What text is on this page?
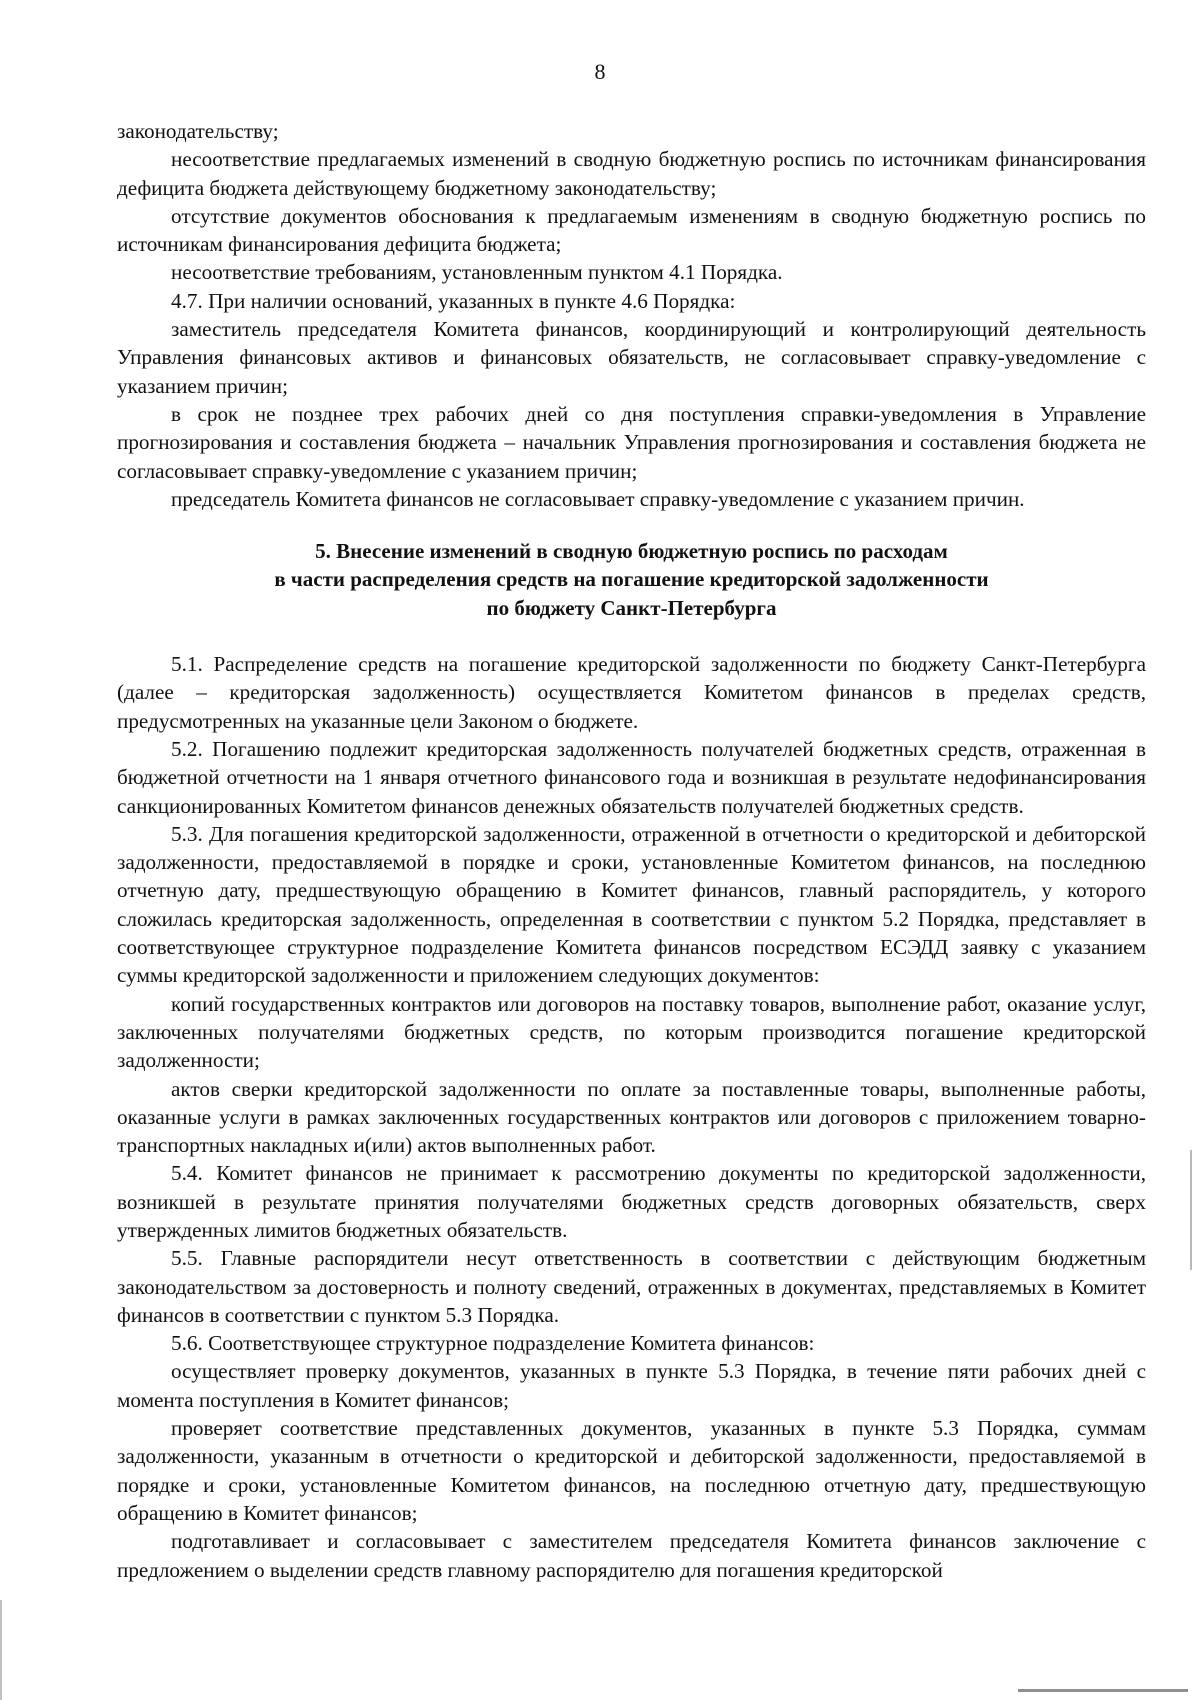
8

законодательству;

несоответствие предлагаемых изменений в сводную бюджетную роспись по источникам финансирования дефицита бюджета действующему бюджетному законодательству;

отсутствие документов обоснования к предлагаемым изменениям в сводную бюджетную роспись по источникам финансирования дефицита бюджета;

несоответствие требованиям, установленным пунктом 4.1 Порядка.

4.7. При наличии оснований, указанных в пункте 4.6 Порядка:

заместитель председателя Комитета финансов, координирующий и контролирующий деятельность Управления финансовых активов и финансовых обязательств, не согласовывает справку-уведомление с указанием причин;

в срок не позднее трех рабочих дней со дня поступления справки-уведомления в Управление прогнозирования и составления бюджета – начальник Управления прогнозирования и составления бюджета не согласовывает справку-уведомление с указанием причин;

председатель Комитета финансов не согласовывает справку-уведомление с указанием причин.

5. Внесение изменений в сводную бюджетную роспись по расходам
в части распределения средств на погашение кредиторской задолженности
по бюджету Санкт-Петербурга

5.1. Распределение средств на погашение кредиторской задолженности по бюджету Санкт-Петербурга (далее – кредиторская задолженность) осуществляется Комитетом финансов в пределах средств, предусмотренных на указанные цели Законом о бюджете.

5.2. Погашению подлежит кредиторская задолженность получателей бюджетных средств, отраженная в бюджетной отчетности на 1 января отчетного финансового года и возникшая в результате недофинансирования санкционированных Комитетом финансов денежных обязательств получателей бюджетных средств.

5.3. Для погашения кредиторской задолженности, отраженной в отчетности о кредиторской и дебиторской задолженности, предоставляемой в порядке и сроки, установленные Комитетом финансов, на последнюю отчетную дату, предшествующую обращению в Комитет финансов, главный распорядитель, у которого сложилась кредиторская задолженность, определенная в соответствии с пунктом 5.2 Порядка, представляет в соответствующее структурное подразделение Комитета финансов посредством ЕСЭДД заявку с указанием суммы кредиторской задолженности и приложением следующих документов:

копий государственных контрактов или договоров на поставку товаров, выполнение работ, оказание услуг, заключенных получателями бюджетных средств, по которым производится погашение кредиторской задолженности;

актов сверки кредиторской задолженности по оплате за поставленные товары, выполненные работы, оказанные услуги в рамках заключенных государственных контрактов или договоров с приложением товарно-транспортных накладных и(или) актов выполненных работ.

5.4. Комитет финансов не принимает к рассмотрению документы по кредиторской задолженности, возникшей в результате принятия получателями бюджетных средств договорных обязательств, сверх утвержденных лимитов бюджетных обязательств.

5.5. Главные распорядители несут ответственность в соответствии с действующим бюджетным законодательством за достоверность и полноту сведений, отраженных в документах, представляемых в Комитет финансов в соответствии с пунктом 5.3 Порядка.

5.6. Соответствующее структурное подразделение Комитета финансов:

осуществляет проверку документов, указанных в пункте 5.3 Порядка, в течение пяти рабочих дней с момента поступления в Комитет финансов;

проверяет соответствие представленных документов, указанных в пункте 5.3 Порядка, суммам задолженности, указанным в отчетности о кредиторской и дебиторской задолженности, предоставляемой в порядке и сроки, установленные Комитетом финансов, на последнюю отчетную дату, предшествующую обращению в Комитет финансов;

подготавливает и согласовывает с заместителем председателя Комитета финансов заключение с предложением о выделении средств главному распорядителю для погашения кредиторской
